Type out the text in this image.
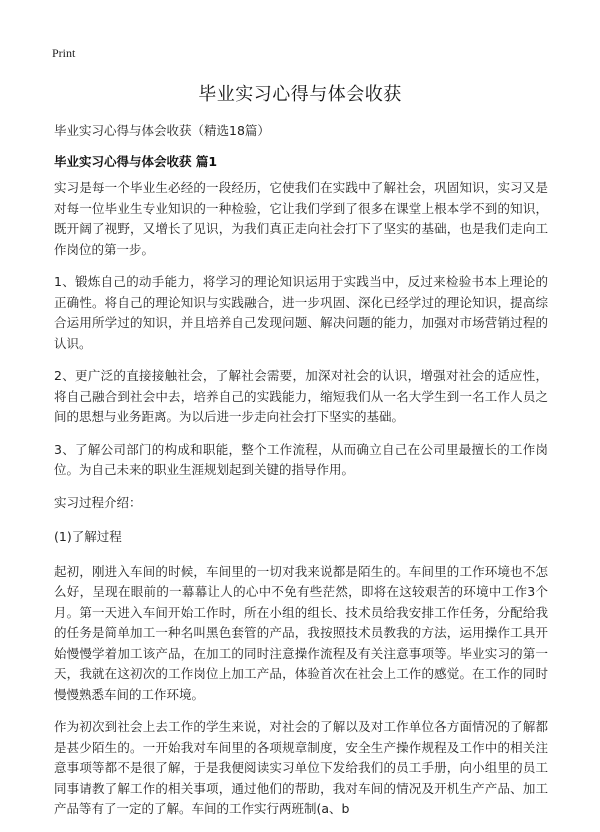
Print
毕业实习心得与体会收获
毕业实习心得与体会收获（精选18篇）
毕业实习心得与体会收获 篇1

实习是每一个毕业生必经的一段经历，它使我们在实践中了解社会，巩固知识，实习又是对每一位毕业生专业知识的一种检验，它让我们学到了很多在课堂上根本学不到的知识，既开阔了视野，又增长了见识，为我们真正走向社会打下了坚实的基础，也是我们走向工作岗位的第一步。

1、锻炼自己的动手能力，将学习的理论知识运用于实践当中，反过来检验书本上理论的正确性。将自己的理论知识与实践融合，进一步巩固、深化已经学过的理论知识，提高综合运用所学过的知识，并且培养自己发现问题、解决问题的能力，加强对市场营销过程的认识。

2、更广泛的直接接触社会，了解社会需要，加深对社会的认识，增强对社会的适应性，将自己融合到社会中去，培养自己的实践能力，缩短我们从一名大学生到一名工作人员之间的思想与业务距离。为以后进一步走向社会打下坚实的基础。

3、了解公司部门的构成和职能，整个工作流程，从而确立自己在公司里最擅长的工作岗位。为自己未来的职业生涯规划起到关键的指导作用。

实习过程介绍：

(1)了解过程

起初，刚进入车间的时候，车间里的一切对我来说都是陌生的。车间里的工作环境也不怎么好，呈现在眼前的一幕幕让人的心中不免有些茫然，即将在这较艰苦的环境中工作3个月。第一天进入车间开始工作时，所在小组的组长、技术员给我安排工作任务，分配给我的任务是简单加工一种名叫黑色套管的产品，我按照技术员教我的方法，运用操作工具开始慢慢学着加工该产品，在加工的同时注意操作流程及有关注意事项等。毕业实习的第一天，我就在这初次的工作岗位上加工产品，体验首次在社会上工作的感觉。在工作的同时慢慢熟悉车间的工作环境。

作为初次到社会上去工作的学生来说，对社会的了解以及对工作单位各方面情况的了解都是甚少陌生的。一开始我对车间里的各项规章制度，安全生产操作规程及工作中的相关注意事项等都不是很了解，于是我便阅读实习单位下发给我们的员工手册，向小组里的员工同事请教了解工作的相关事项，通过他们的帮助，我对车间的情况及开机生产产品、加工产品等有了一定的了解。车间的工作实行两班制(a、b
